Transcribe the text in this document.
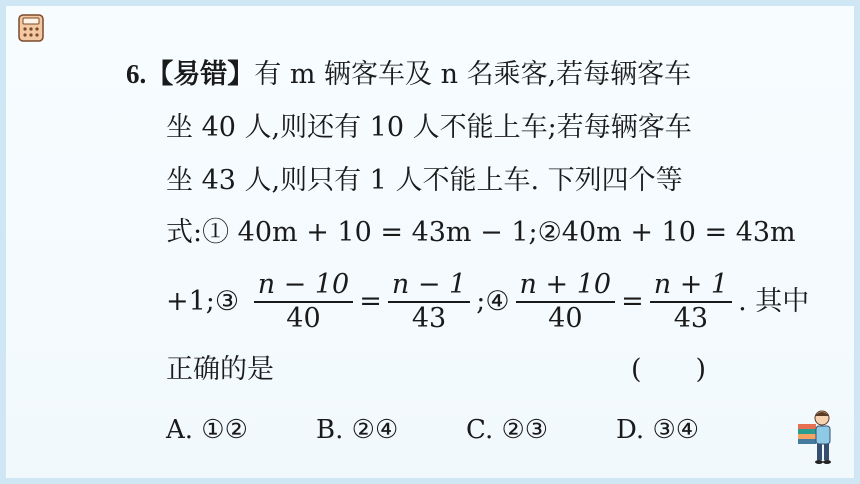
6.【易错】有 m 辆客车及 n 名乘客,若每辆客车
坐 40 人,则还有 10 人不能上车;若每辆客车
坐 43 人,则只有 1 人不能上车. 下列四个等
式:① 40m + 10 = 43m − 1;②40m + 10 = 43m
+1;③ $\frac{n - 10}{40} = \frac{n - 1}{43}$ ;④ $\frac{n + 10}{40} = \frac{n + 1}{43}$ . 其中
正确的是	(　　)
A. ①②	B. ②④	C. ②③	D. ③④
